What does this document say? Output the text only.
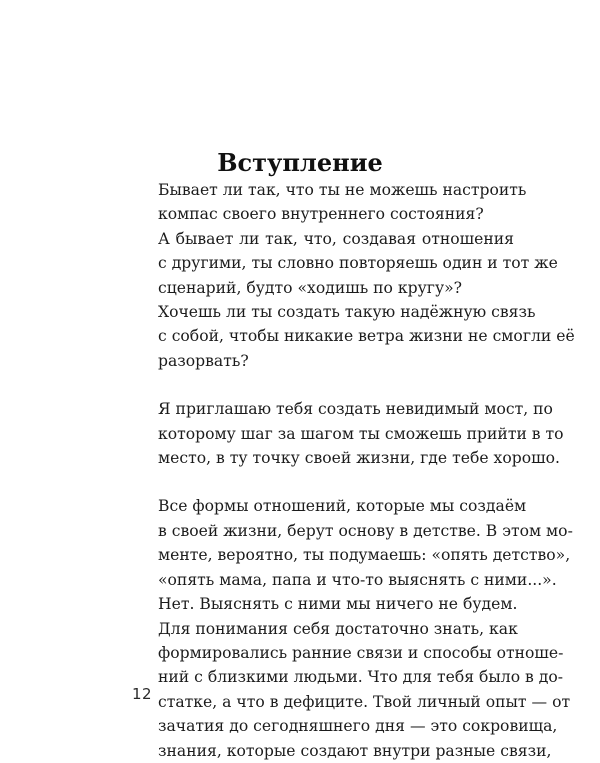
Вступление
Бывает ли так, что ты не можешь настроить
компас своего внутреннего состояния?
А бывает ли так, что, создавая отношения
с другими, ты словно повторяешь один и тот же
сценарий, будто «ходишь по кругу»?
Хочешь ли ты создать такую надёжную связь
с собой, чтобы никакие ветра жизни не смогли её
разорвать?
Я приглашаю тебя создать невидимый мост, по
которому шаг за шагом ты сможешь прийти в то
место, в ту точку своей жизни, где тебе хорошо.
Все формы отношений, которые мы создаём
в своей жизни, берут основу в детстве. В этом мо-
менте, вероятно, ты подумаешь: «опять детство»,
«опять мама, папа и что-то выяснять с ними...».
Нет. Выяснять с ними мы ничего не будем.
Для понимания себя достаточно знать, как
формировались ранние связи и способы отноше-
ний с близкими людьми. Что для тебя было в до-
статке, а что в дефиците. Твой личный опыт — от
зачатия до сегодняшнего дня — это сокровища,
знания, которые создают внутри разные связи,
12
